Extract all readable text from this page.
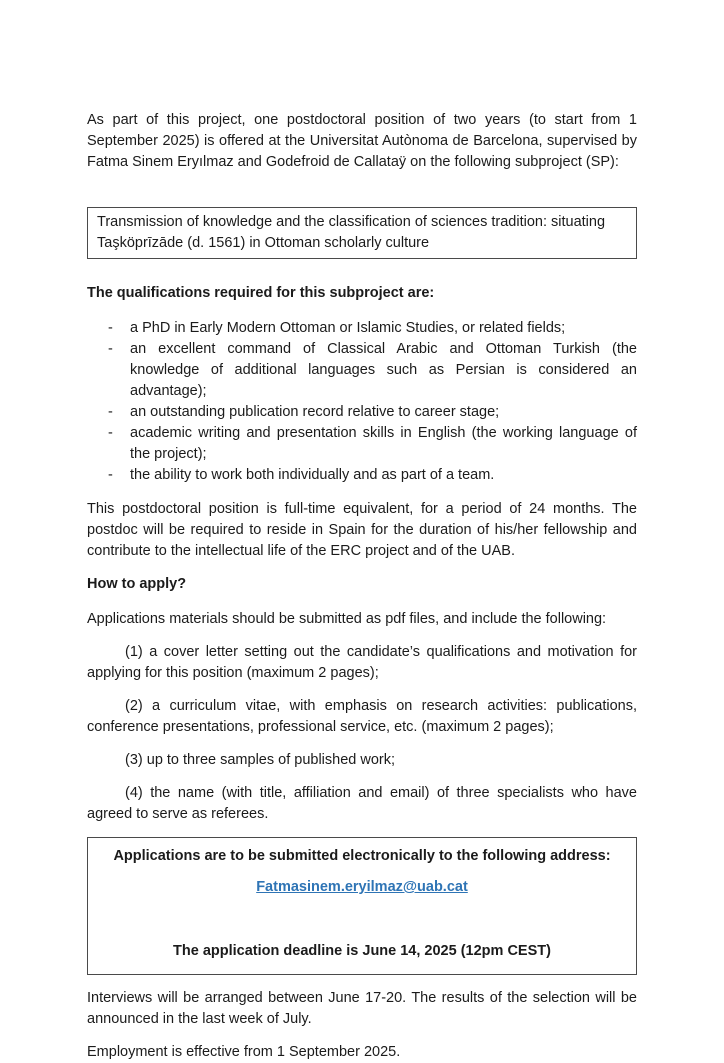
As part of this project, one postdoctoral position of two years (to start from 1 September 2025) is offered at the Universitat Autònoma de Barcelona, supervised by Fatma Sinem Eryılmaz and Godefroid de Callataÿ on the following subproject (SP):

Transmission of knowledge and the classification of sciences tradition: situating Taşköprīzāde (d. 1561) in Ottoman scholarly culture

The qualifications required for this subproject are:

-	a PhD in Early Modern Ottoman or Islamic Studies, or related fields;
-	an excellent command of Classical Arabic and Ottoman Turkish (the knowledge of additional languages such as Persian is considered an advantage);
-	an outstanding publication record relative to career stage;
-	academic writing and presentation skills in English (the working language of the project);
-	the ability to work both individually and as part of a team.

This postdoctoral position is full-time equivalent, for a period of 24 months. The postdoc will be required to reside in Spain for the duration of his/her fellowship and contribute to the intellectual life of the ERC project and of the UAB.

How to apply?

Applications materials should be submitted as pdf files, and include the following:

(1) a cover letter setting out the candidate’s qualifications and motivation for applying for this position (maximum 2 pages);

(2) a curriculum vitae, with emphasis on research activities: publications, conference presentations, professional service, etc. (maximum 2 pages);

(3) up to three samples of published work;

(4) the name (with title, affiliation and email) of three specialists who have agreed to serve as referees.

Applications are to be submitted electronically to the following address:
Fatmasinem.eryilmaz@uab.cat
The application deadline is June 14, 2025 (12pm CEST)

Interviews will be arranged between June 17-20. The results of the selection will be announced in the last week of July.

Employment is effective from 1 September 2025.
